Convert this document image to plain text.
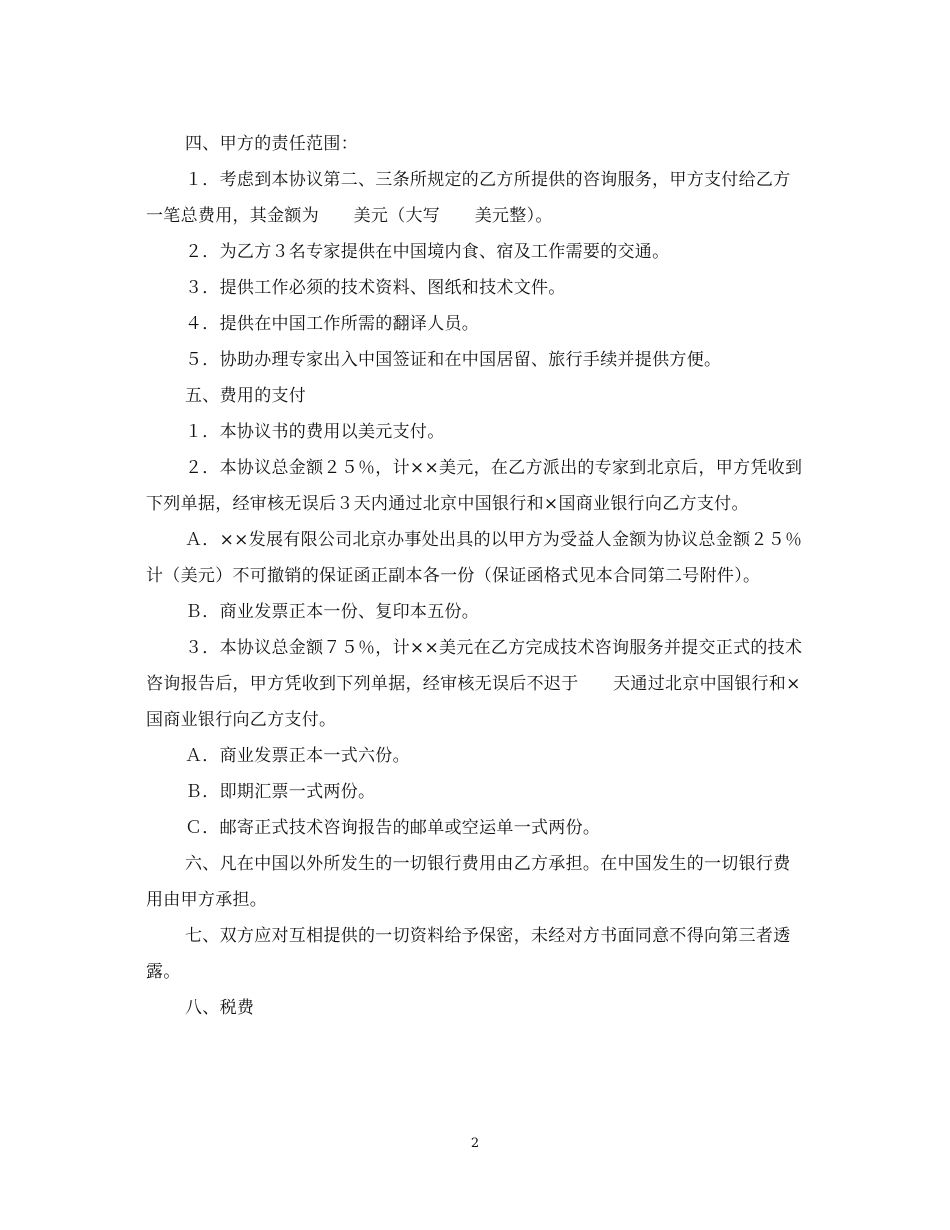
四、甲方的责任范围：

１．考虑到本协议第二、三条所规定的乙方所提供的咨询服务，甲方支付给乙方一笔总费用，其金额为　　美元（大写　　美元整）。

２．为乙方３名专家提供在中国境内食、宿及工作需要的交通。

３．提供工作必须的技术资料、图纸和技术文件。

４．提供在中国工作所需的翻译人员。

５．协助办理专家出入中国签证和在中国居留、旅行手续并提供方便。

五、费用的支付

１．本协议书的费用以美元支付。

２．本协议总金额２５％，计××美元，在乙方派出的专家到北京后，甲方凭收到下列单据，经审核无误后３天内通过北京中国银行和×国商业银行向乙方支付。

Ａ．××发展有限公司北京办事处出具的以甲方为受益人金额为协议总金额２５％计（美元）不可撤销的保证函正副本各一份（保证函格式见本合同第二号附件）。

Ｂ．商业发票正本一份、复印本五份。

３．本协议总金额７５％，计××美元在乙方完成技术咨询服务并提交正式的技术咨询报告后，甲方凭收到下列单据，经审核无误后不迟于　　天通过北京中国银行和×国商业银行向乙方支付。

Ａ．商业发票正本一式六份。

Ｂ．即期汇票一式两份。

Ｃ．邮寄正式技术咨询报告的邮单或空运单一式两份。

六、凡在中国以外所发生的一切银行费用由乙方承担。在中国发生的一切银行费用由甲方承担。

七、双方应对互相提供的一切资料给予保密，未经对方书面同意不得向第三者透露。

八、税费

2
